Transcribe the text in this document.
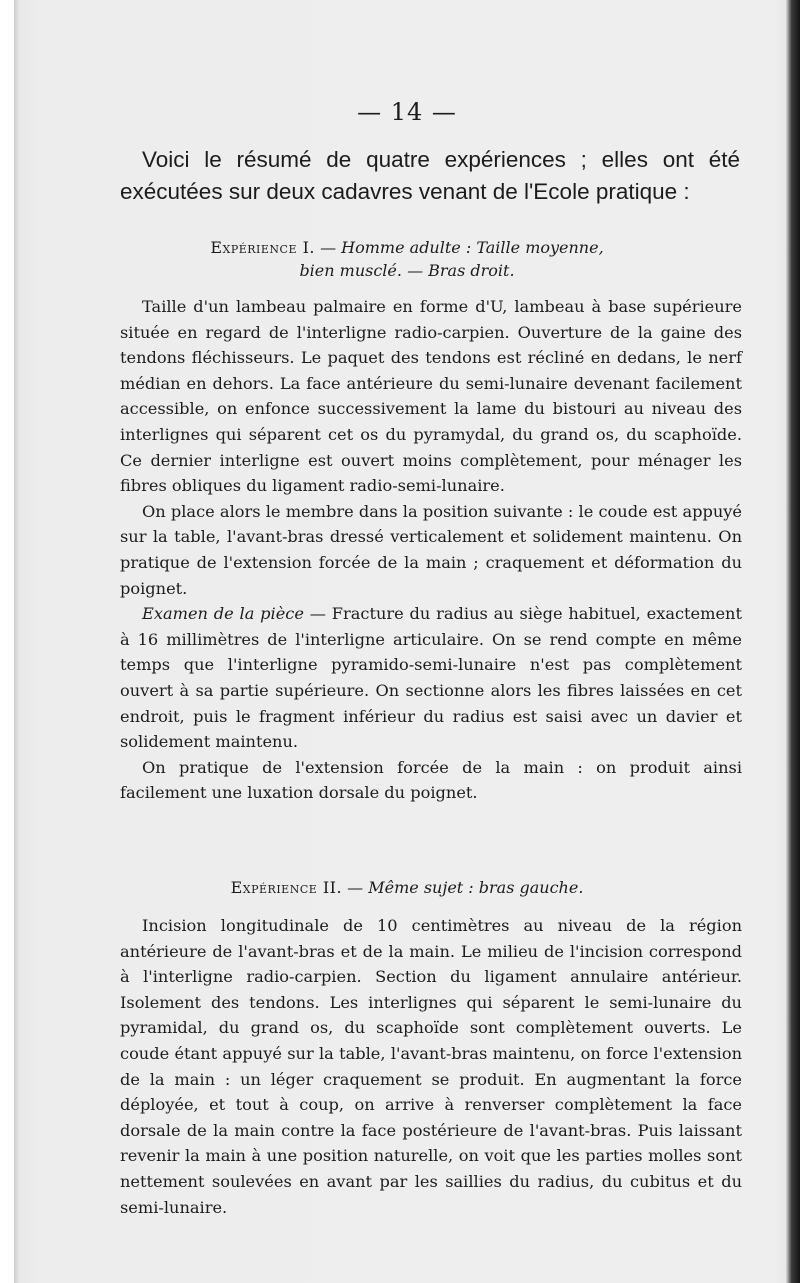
— 14 —

Voici le résumé de quatre expériences ; elles ont été exécutées sur deux cadavres venant de l'Ecole pratique :

Expérience I. — Homme adulte : Taille moyenne,
bien musclé. — Bras droit.

Taille d'un lambeau palmaire en forme d'U, lambeau à base supérieure située en regard de l'interligne radio-carpien. Ouverture de la gaine des tendons fléchisseurs. Le paquet des tendons est récliné en dedans, le nerf médian en dehors. La face antérieure du semi-lunaire devenant facilement accessible, on enfonce successivement la lame du bistouri au niveau des interlignes qui séparent cet os du pyramydal, du grand os, du scaphoïde. Ce dernier interligne est ouvert moins complètement, pour ménager les fibres obliques du ligament radio-semi-lunaire.

On place alors le membre dans la position suivante : le coude est appuyé sur la table, l'avant-bras dressé verticalement et solidement maintenu. On pratique de l'extension forcée de la main ; craquement et déformation du poignet.

Examen de la pièce — Fracture du radius au siège habituel, exactement à 16 millimètres de l'interligne articulaire. On se rend compte en même temps que l'interligne pyramido-semi-lunaire n'est pas complètement ouvert à sa partie supérieure. On sectionne alors les fibres laissées en cet endroit, puis le fragment inférieur du radius est saisi avec un davier et solidement maintenu.

On pratique de l'extension forcée de la main : on produit ainsi facilement une luxation dorsale du poignet.

Expérience II. — Même sujet : bras gauche.

Incision longitudinale de 10 centimètres au niveau de la région antérieure de l'avant-bras et de la main. Le milieu de l'incision correspond à l'interligne radio-carpien. Section du ligament annulaire antérieur. Isolement des tendons. Les interlignes qui séparent le semi-lunaire du pyramidal, du grand os, du scaphoïde sont complètement ouverts. Le coude étant appuyé sur la table, l'avant-bras maintenu, on force l'extension de la main : un léger craquement se produit. En augmentant la force déployée, et tout à coup, on arrive à renverser complètement la face dorsale de la main contre la face postérieure de l'avant-bras. Puis laissant revenir la main à une position naturelle, on voit que les parties molles sont nettement soulevées en avant par les saillies du radius, du cubitus et du semi-lunaire.
